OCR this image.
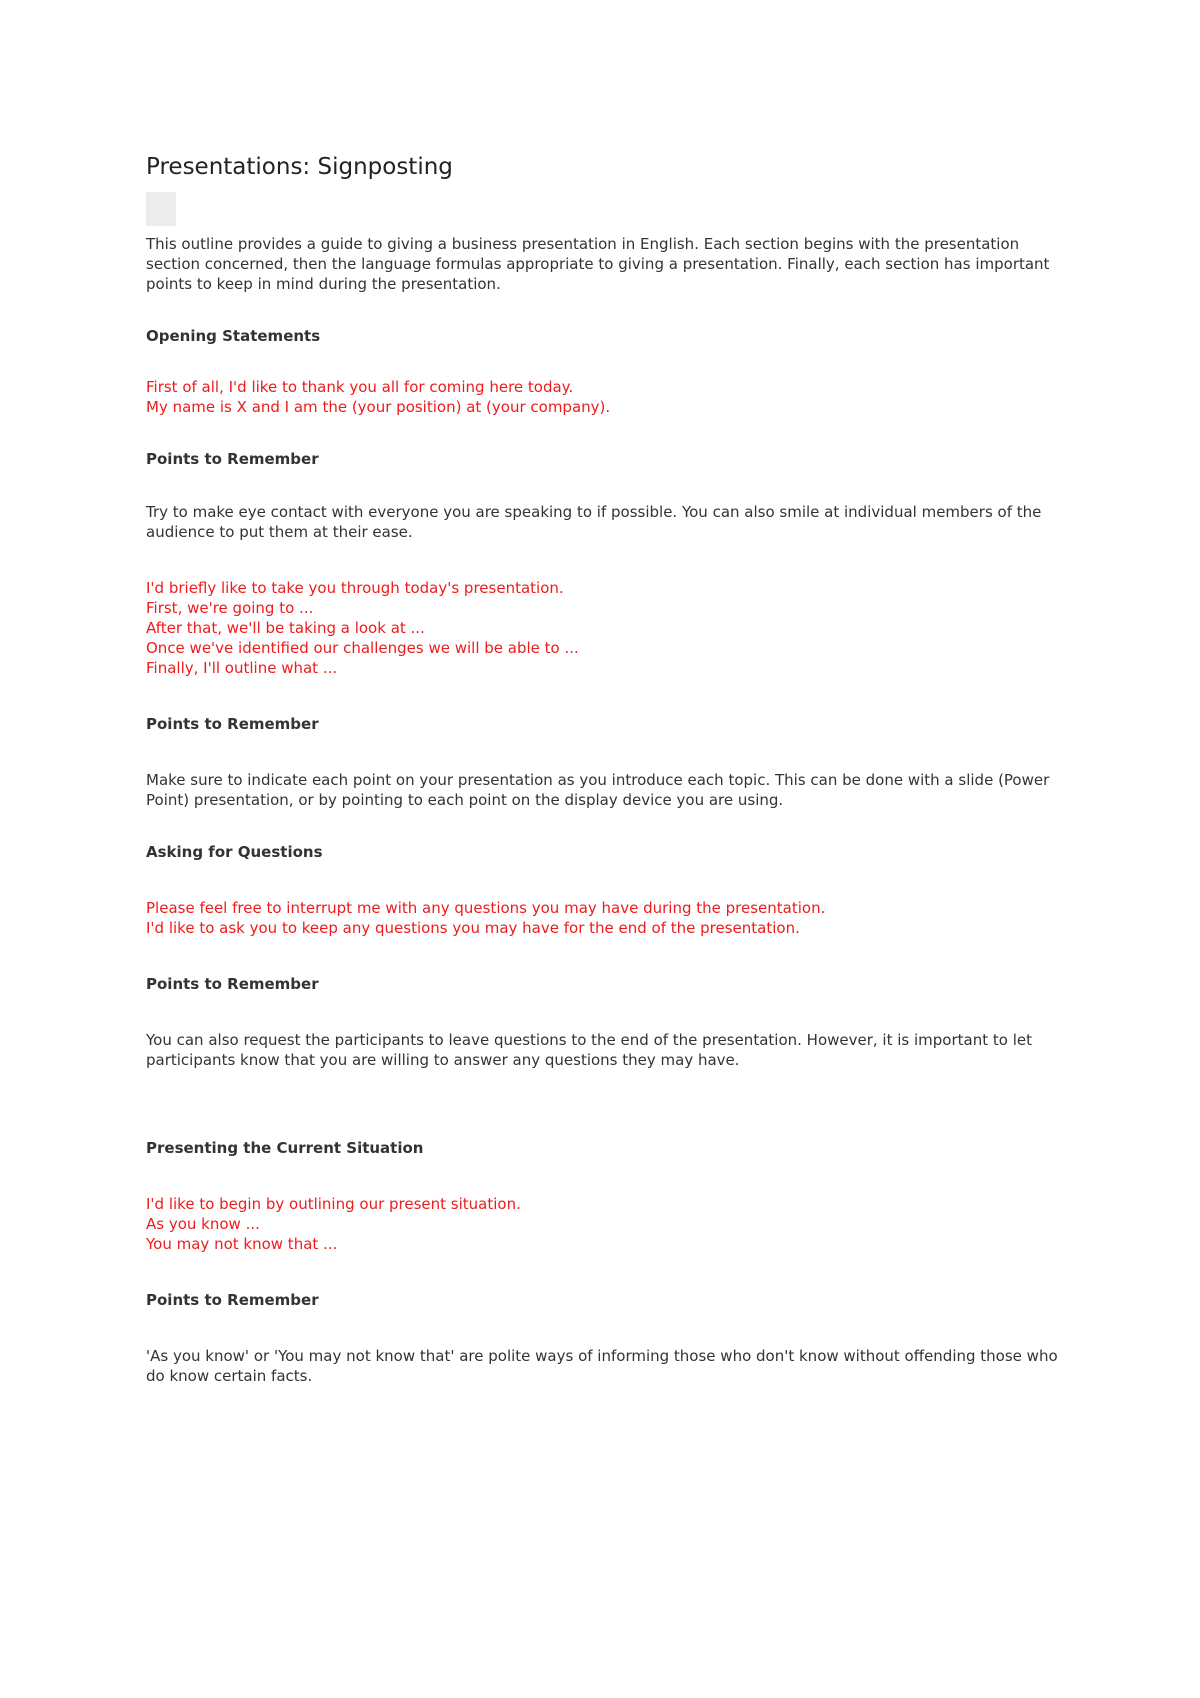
Presentations: Signposting

This outline provides a guide to giving a business presentation in English. Each section begins with the presentation section concerned, then the language formulas appropriate to giving a presentation. Finally, each section has important points to keep in mind during the presentation.

Opening Statements

First of all, I'd like to thank you all for coming here today.
My name is X and I am the (your position) at (your company).

Points to Remember

Try to make eye contact with everyone you are speaking to if possible. You can also smile at individual members of the audience to put them at their ease.

I'd briefly like to take you through today's presentation.
First, we're going to ...
After that, we'll be taking a look at ...
Once we've identified our challenges we will be able to ...
Finally, I'll outline what ...

Points to Remember

Make sure to indicate each point on your presentation as you introduce each topic. This can be done with a slide (Power Point) presentation, or by pointing to each point on the display device you are using.

Asking for Questions

Please feel free to interrupt me with any questions you may have during the presentation.
I'd like to ask you to keep any questions you may have for the end of the presentation.

Points to Remember

You can also request the participants to leave questions to the end of the presentation. However, it is important to let participants know that you are willing to answer any questions they may have.

Presenting the Current Situation

I'd like to begin by outlining our present situation.
As you know ...
You may not know that ...

Points to Remember

'As you know' or 'You may not know that' are polite ways of informing those who don't know without offending those who do know certain facts.
